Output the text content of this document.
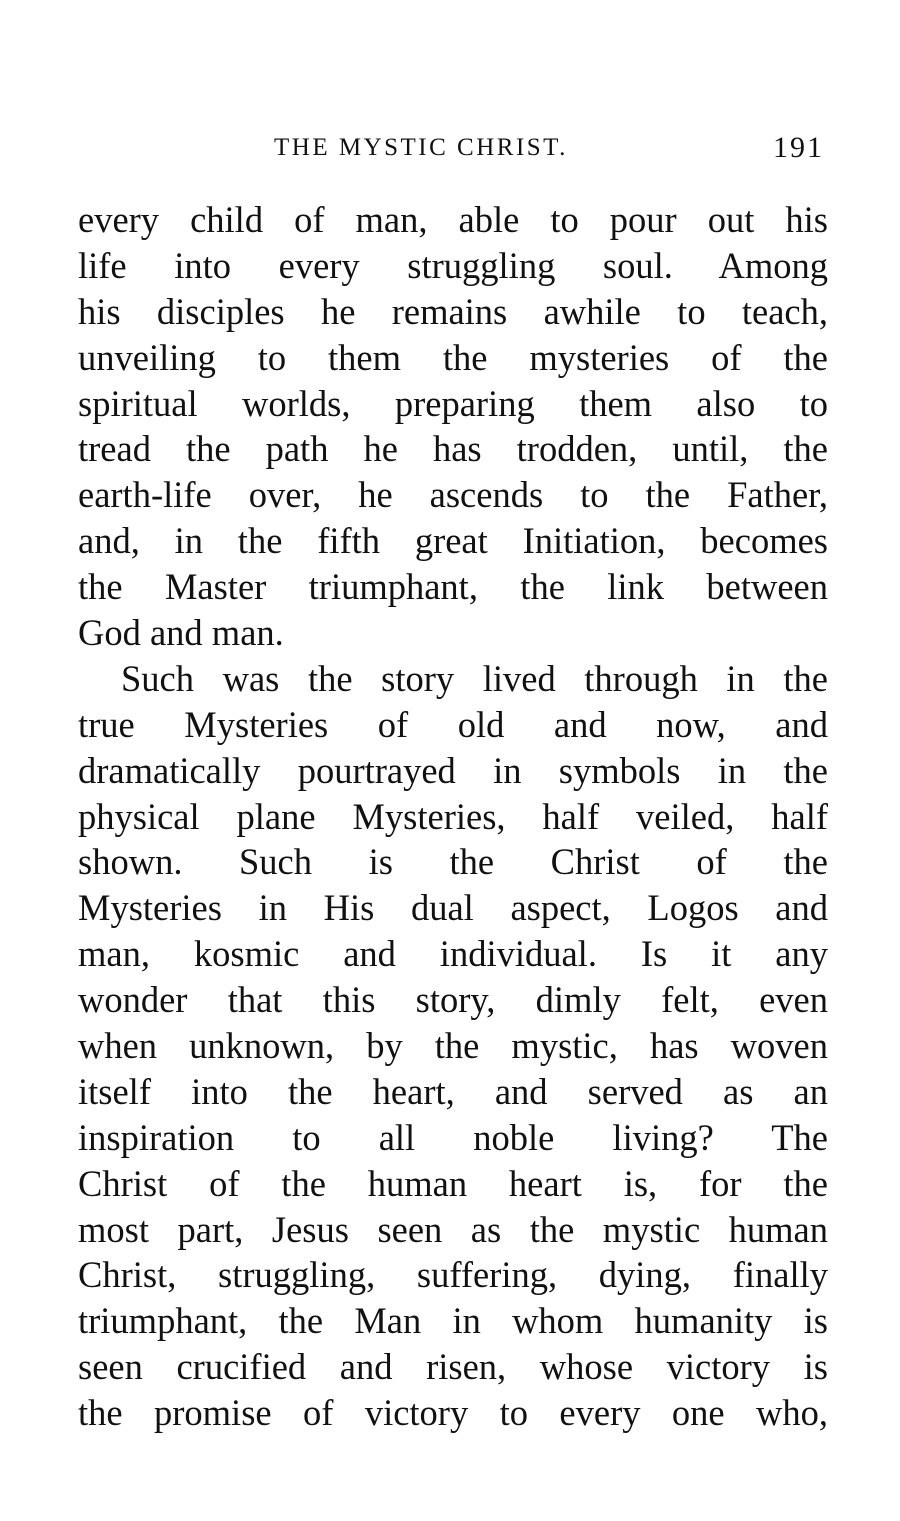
THE MYSTIC CHRIST.	191
every child of man, able to pour out his
life into every struggling soul. Among
his disciples he remains awhile to teach,
unveiling to them the mysteries of the
spiritual worlds, preparing them also to
tread the path he has trodden, until, the
earth-life over, he ascends to the Father,
and, in the fifth great Initiation, becomes
the Master triumphant, the link between
God and man.
Such was the story lived through in the
true Mysteries of old and now, and
dramatically pourtrayed in symbols in the
physical plane Mysteries, half veiled, half
shown. Such is the Christ of the
Mysteries in His dual aspect, Logos and
man, kosmic and individual. Is it any
wonder that this story, dimly felt, even
when unknown, by the mystic, has woven
itself into the heart, and served as an
inspiration to all noble living? The
Christ of the human heart is, for the
most part, Jesus seen as the mystic human
Christ, struggling, suffering, dying, finally
triumphant, the Man in whom humanity is
seen crucified and risen, whose victory is
the promise of victory to every one who,
